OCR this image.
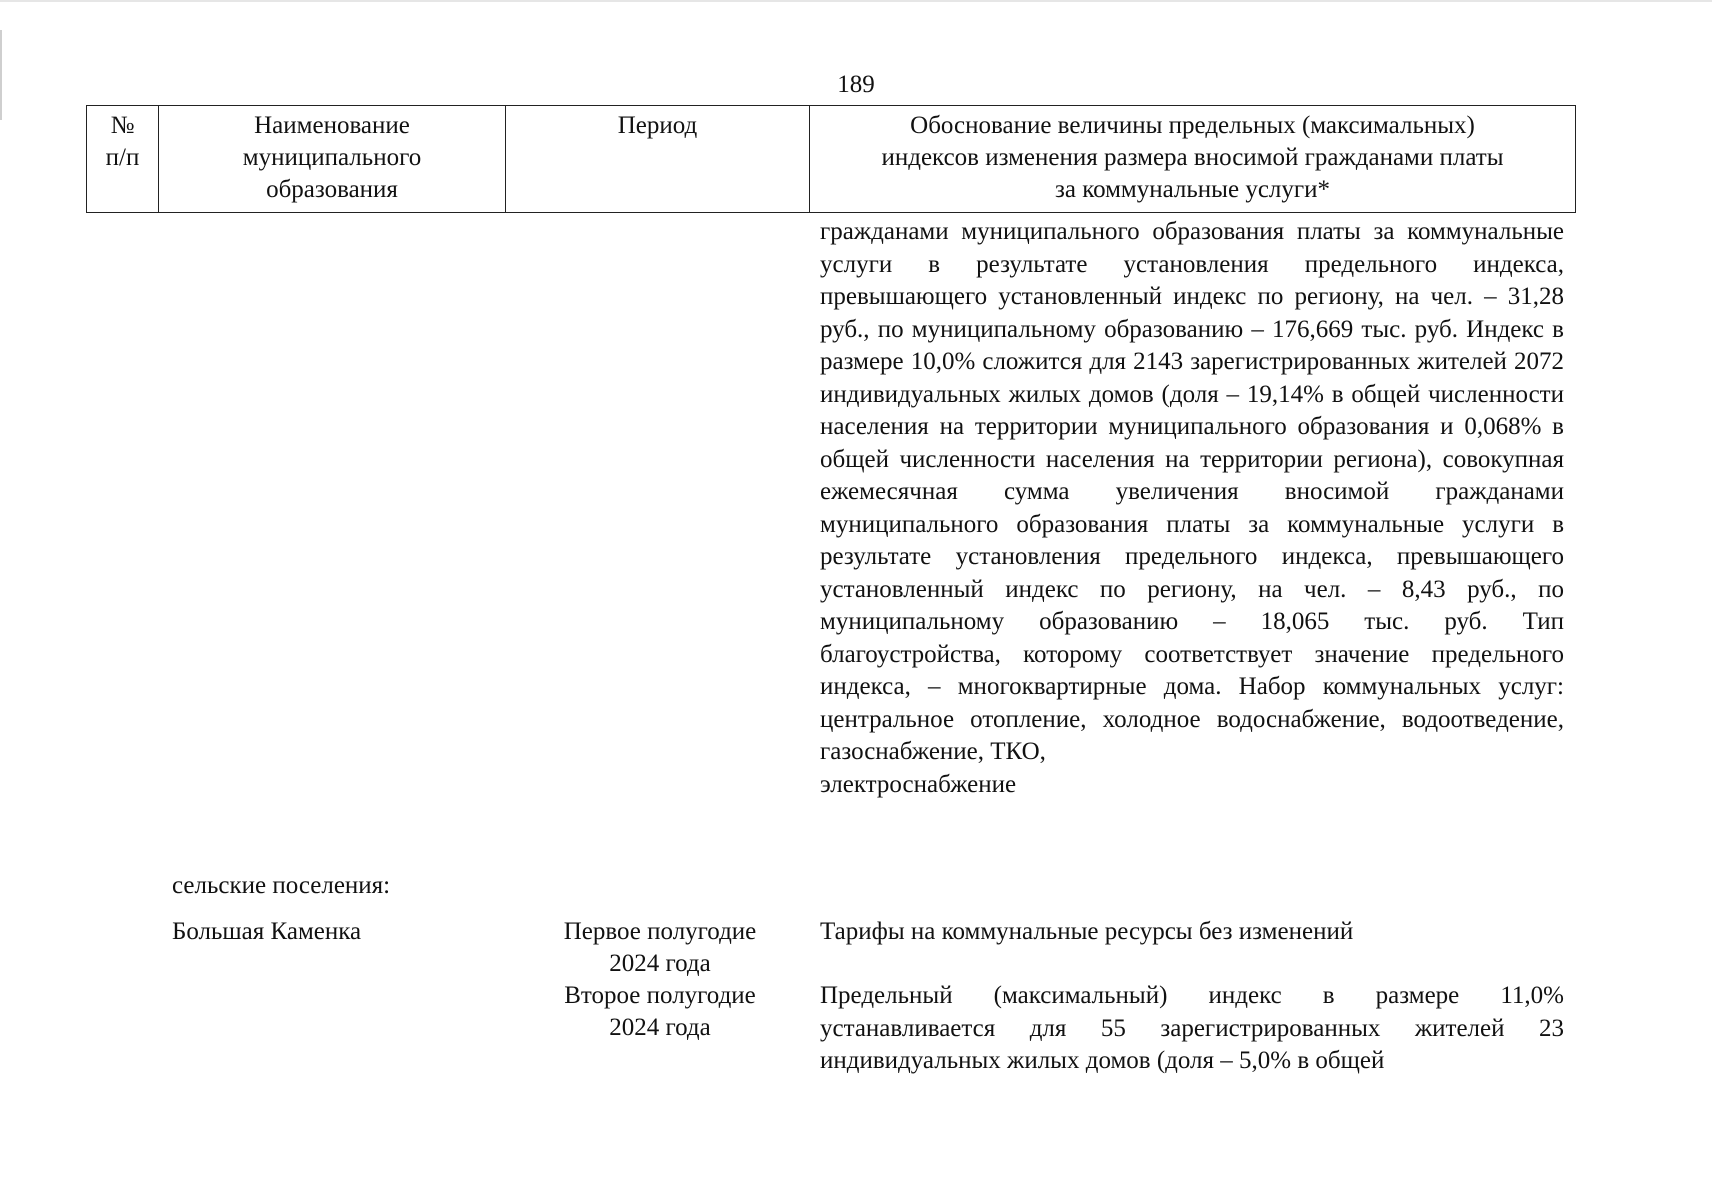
189
№
п/п
Наименование
муниципального
образования
Период	Обоснование величины предельных (максимальных)
индексов изменения размера вносимой гражданами платы
за коммунальные услуги*
гражданами муниципального образования платы за коммунальные услуги в результате установления предельного индекса, превышающего установленный индекс по региону, на чел. – 31,28 руб., по муниципальному образованию – 176,669 тыс. руб. Индекс в размере 10,0% сложится для 2143 зарегистрированных жителей 2072 индивидуальных жилых домов (доля – 19,14% в общей численности населения на территории муниципального образования и 0,068% в общей численности населения на территории региона), совокупная ежемесячная сумма увеличения вносимой гражданами муниципального образования платы за коммунальные услуги в результате установления предельного индекса, превышающего установленный индекс по региону, на чел. – 8,43 руб., по муниципальному образованию – 18,065 тыс. руб. Тип благоустройства, которому соответствует значение предельного индекса, – многоквартирные дома. Набор коммунальных услуг: центральное отопление, холодное водоснабжение, водоотведение, газоснабжение, ТКО,
электроснабжение
сельские поселения:
Большая Каменка	Первое полугодие
2024 года
Тарифы на коммунальные ресурсы без изменений
Второе полугодие
2024 года
Предельный (максимальный) индекс в размере 11,0% устанавливается для 55 зарегистрированных жителей 23 индивидуальных жилых домов (доля – 5,0% в общей
